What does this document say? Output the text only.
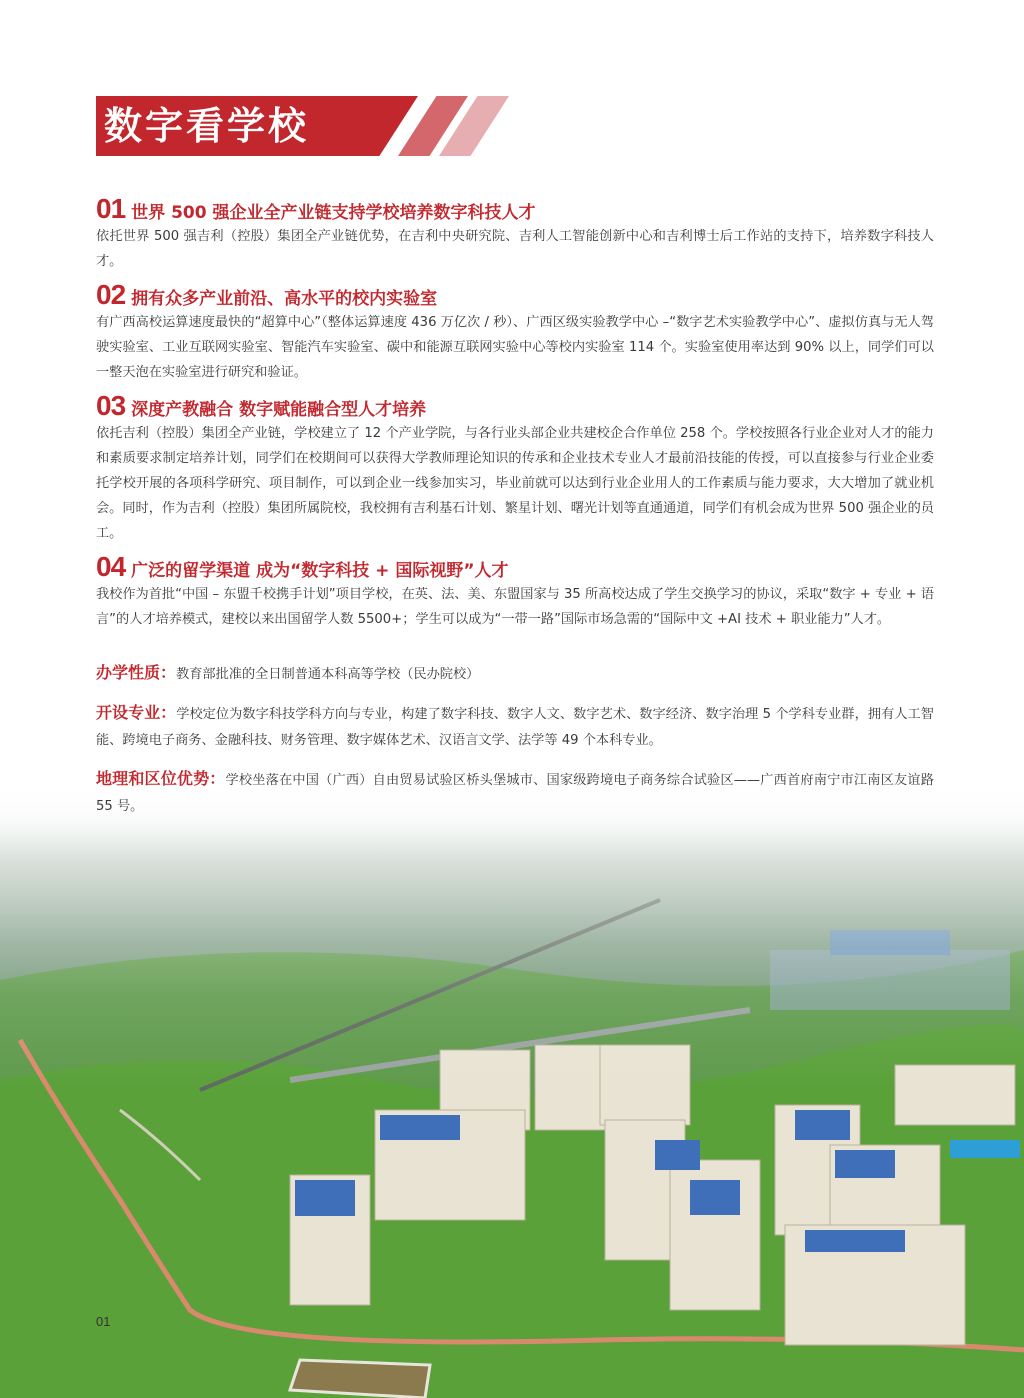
数字看学校
01 世界 500 强企业全产业链支持学校培养数字科技人才

依托世界 500 强吉利（控股）集团全产业链优势，在吉利中央研究院、吉利人工智能创新中心和吉利博士后工作站的支持下，培养数字科技人才。

02 拥有众多产业前沿、高水平的校内实验室

有广西高校运算速度最快的“超算中心”（整体运算速度 436 万亿次 / 秒）、广西区级实验教学中心 –“数字艺术实验教学中心”、虚拟仿真与无人驾驶实验室、工业互联网实验室、智能汽车实验室、碳中和能源互联网实验中心等校内实验室 114 个。实验室使用率达到 90% 以上，同学们可以一整天泡在实验室进行研究和验证。

03 深度产教融合 数字赋能融合型人才培养

依托吉利（控股）集团全产业链，学校建立了 12 个产业学院，与各行业头部企业共建校企合作单位 258 个。学校按照各行业企业对人才的能力和素质要求制定培养计划，同学们在校期间可以获得大学教师理论知识的传承和企业技术专业人才最前沿技能的传授，可以直接参与行业企业委托学校开展的各项科学研究、项目制作，可以到企业一线参加实习，毕业前就可以达到行业企业用人的工作素质与能力要求，大大增加了就业机会。同时，作为吉利（控股）集团所属院校，我校拥有吉利基石计划、繁星计划、曙光计划等直通通道，同学们有机会成为世界 500 强企业的员工。

04 广泛的留学渠道 成为“数字科技 + 国际视野”人才

我校作为首批“中国 – 东盟千校携手计划”项目学校，在英、法、美、东盟国家与 35 所高校达成了学生交换学习的协议，采取“数字 + 专业 + 语言”的人才培养模式，建校以来出国留学人数 5500+；学生可以成为“一带一路”国际市场急需的“国际中文 +AI 技术 + 职业能力”人才。

办学性质：教育部批准的全日制普通本科高等学校（民办院校）

开设专业：学校定位为数字科技学科方向与专业，构建了数字科技、数字人文、数字艺术、数字经济、数字治理 5 个学科专业群，拥有人工智能、跨境电子商务、金融科技、财务管理、数字媒体艺术、汉语言文学、法学等 49 个本科专业。

地理和区位优势：学校坐落在中国（广西）自由贸易试验区桥头堡城市、国家级跨境电子商务综合试验区——广西首府南宁市江南区友谊路 55 号。

01
